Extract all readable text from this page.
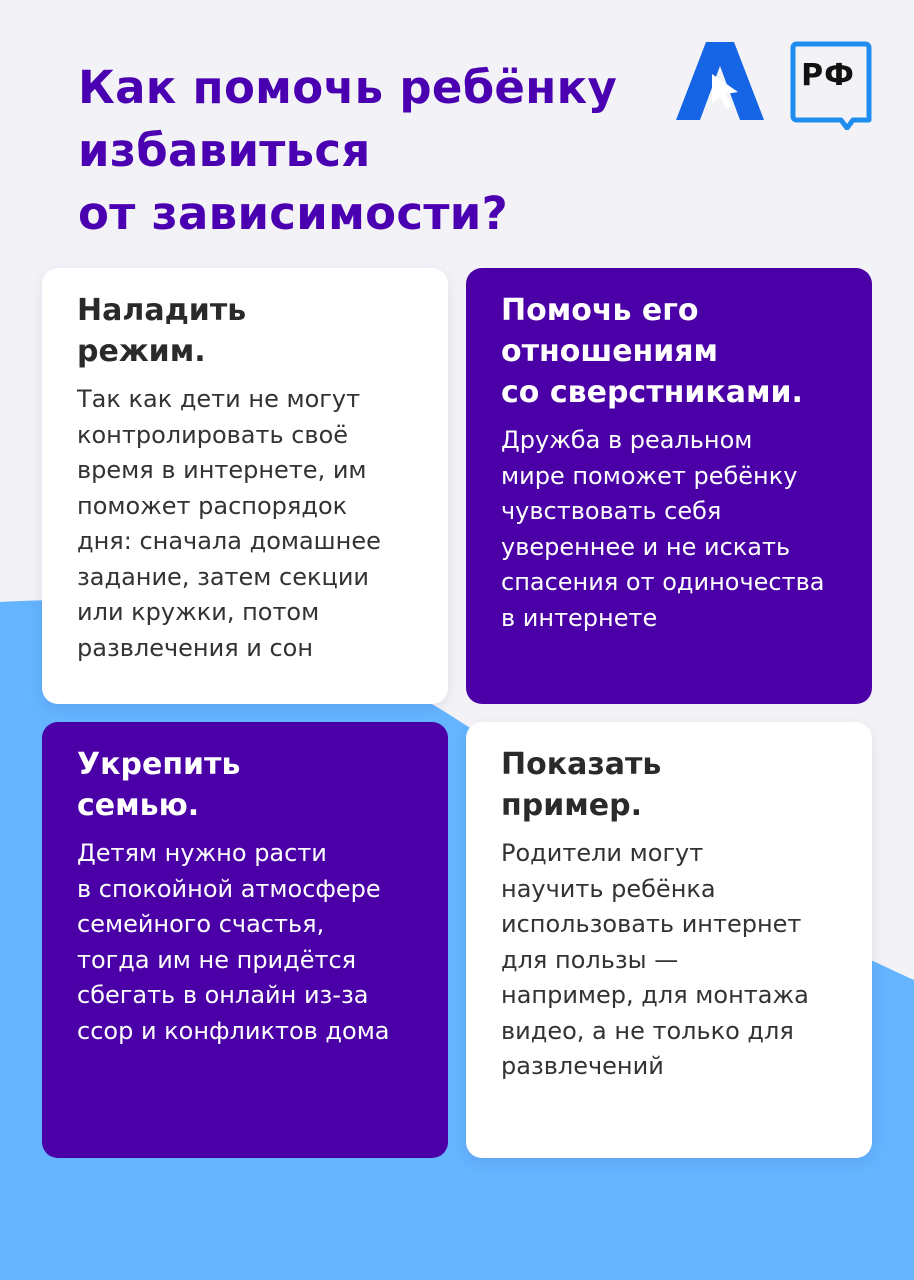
Как помочь ребёнку
избавиться
от зависимости?
РФ
Наладить
режим.

Так как дети не могут
контролировать своё
время в интернете, им
поможет распорядок
дня: сначала домашнее
задание, затем секции
или кружки, потом
развлечения и сон

Помочь его
отношениям
со сверстниками.

Дружба в реальном
мире поможет ребёнку
чувствовать себя
увереннее и не искать
спасения от одиночества
в интернете

Укрепить
семью.

Детям нужно расти
в спокойной атмосфере
семейного счастья,
тогда им не придётся
сбегать в онлайн из-за
ссор и конфликтов дома

Показать
пример.

Родители могут
научить ребёнка
использовать интернет
для пользы —
например, для монтажа
видео, а не только для
развлечений
